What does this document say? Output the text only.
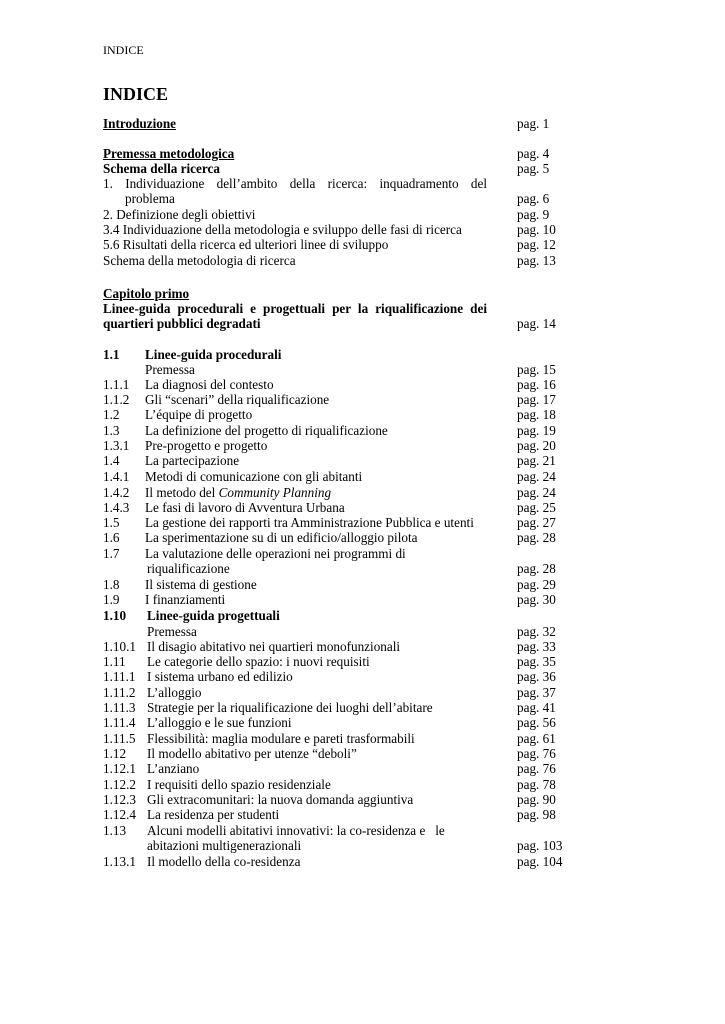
INDICE
INDICE
Introduzione	pag. 1
Premessa metodologica	pag. 4
Schema della ricerca	pag. 5
1. Individuazione dell’ambito della ricerca: inquadramento del
problema	pag. 6
2. Definizione degli obiettivi	pag. 9
3.4 Individuazione della metodologia e sviluppo delle fasi di ricerca	pag. 10
5.6 Risultati della ricerca ed ulteriori linee di sviluppo	pag. 12
Schema della metodologia di ricerca	pag. 13
Capitolo primo
Linee-guida procedurali e progettuali per la riqualificazione dei
quartieri pubblici degradati	pag. 14
1.1 Linee-guida procedurali
Premessa	pag. 15
1.1.1 La diagnosi del contesto	pag. 16
1.1.2 Gli “scenari” della riqualificazione	pag. 17
1.2 L’équipe di progetto	pag. 18
1.3 La definizione del progetto di riqualificazione	pag. 19
1.3.1 Pre-progetto e progetto	pag. 20
1.4 La partecipazione	pag. 21
1.4.1 Metodi di comunicazione con gli abitanti	pag. 24
1.4.2 Il metodo del Community Planning	pag. 24
1.4.3 Le fasi di lavoro di Avventura Urbana	pag. 25
1.5 La gestione dei rapporti tra Amministrazione Pubblica e utenti	pag. 27
1.6 La sperimentazione su di un edificio/alloggio pilota	pag. 28
1.7 La valutazione delle operazioni nei programmi di
riqualificazione	pag. 28
1.8 Il sistema di gestione	pag. 29
1.9 I finanziamenti	pag. 30
1.10 Linee-guida progettuali
Premessa	pag. 32
1.10.1 Il disagio abitativo nei quartieri monofunzionali	pag. 33
1.11 Le categorie dello spazio: i nuovi requisiti	pag. 35
1.11.1 I sistema urbano ed edilizio	pag. 36
1.11.2 L’alloggio	pag. 37
1.11.3 Strategie per la riqualificazione dei luoghi dell’abitare	pag. 41
1.11.4 L’alloggio e le sue funzioni	pag. 56
1.11.5 Flessibilità: maglia modulare e pareti trasformabili	pag. 61
1.12 Il modello abitativo per utenze “deboli”	pag. 76
1.12.1 L’anziano	pag. 76
1.12.2 I requisiti dello spazio residenziale	pag. 78
1.12.3 Gli extracomunitari: la nuova domanda aggiuntiva	pag. 90
1.12.4 La residenza per studenti	pag. 98
1.13 Alcuni modelli abitativi innovativi: la co-residenza e   le
abitazioni multigenerazionali	pag. 103
1.13.1 Il modello della co-residenza	pag. 104
